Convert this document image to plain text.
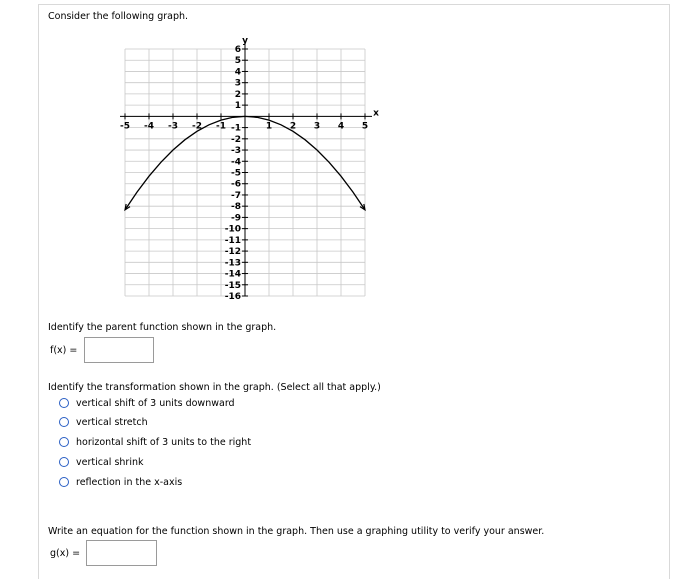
Consider the following graph.
y
x
-5 -4 -3 -2 -1	1 2 3 4 5
6
5
4
3
2
1
-1
-2
-3
-4
-5
-6
-7
-8
-9
-10
-11
-12
-13
-14
-15
-16
Identify the parent function shown in the graph.
f(x) =
Identify the transformation shown in the graph. (Select all that apply.)
vertical shift of 3 units downward
vertical stretch
horizontal shift of 3 units to the right
vertical shrink
reflection in the x-axis
Write an equation for the function shown in the graph. Then use a graphing utility to verify your answer.
g(x) =
